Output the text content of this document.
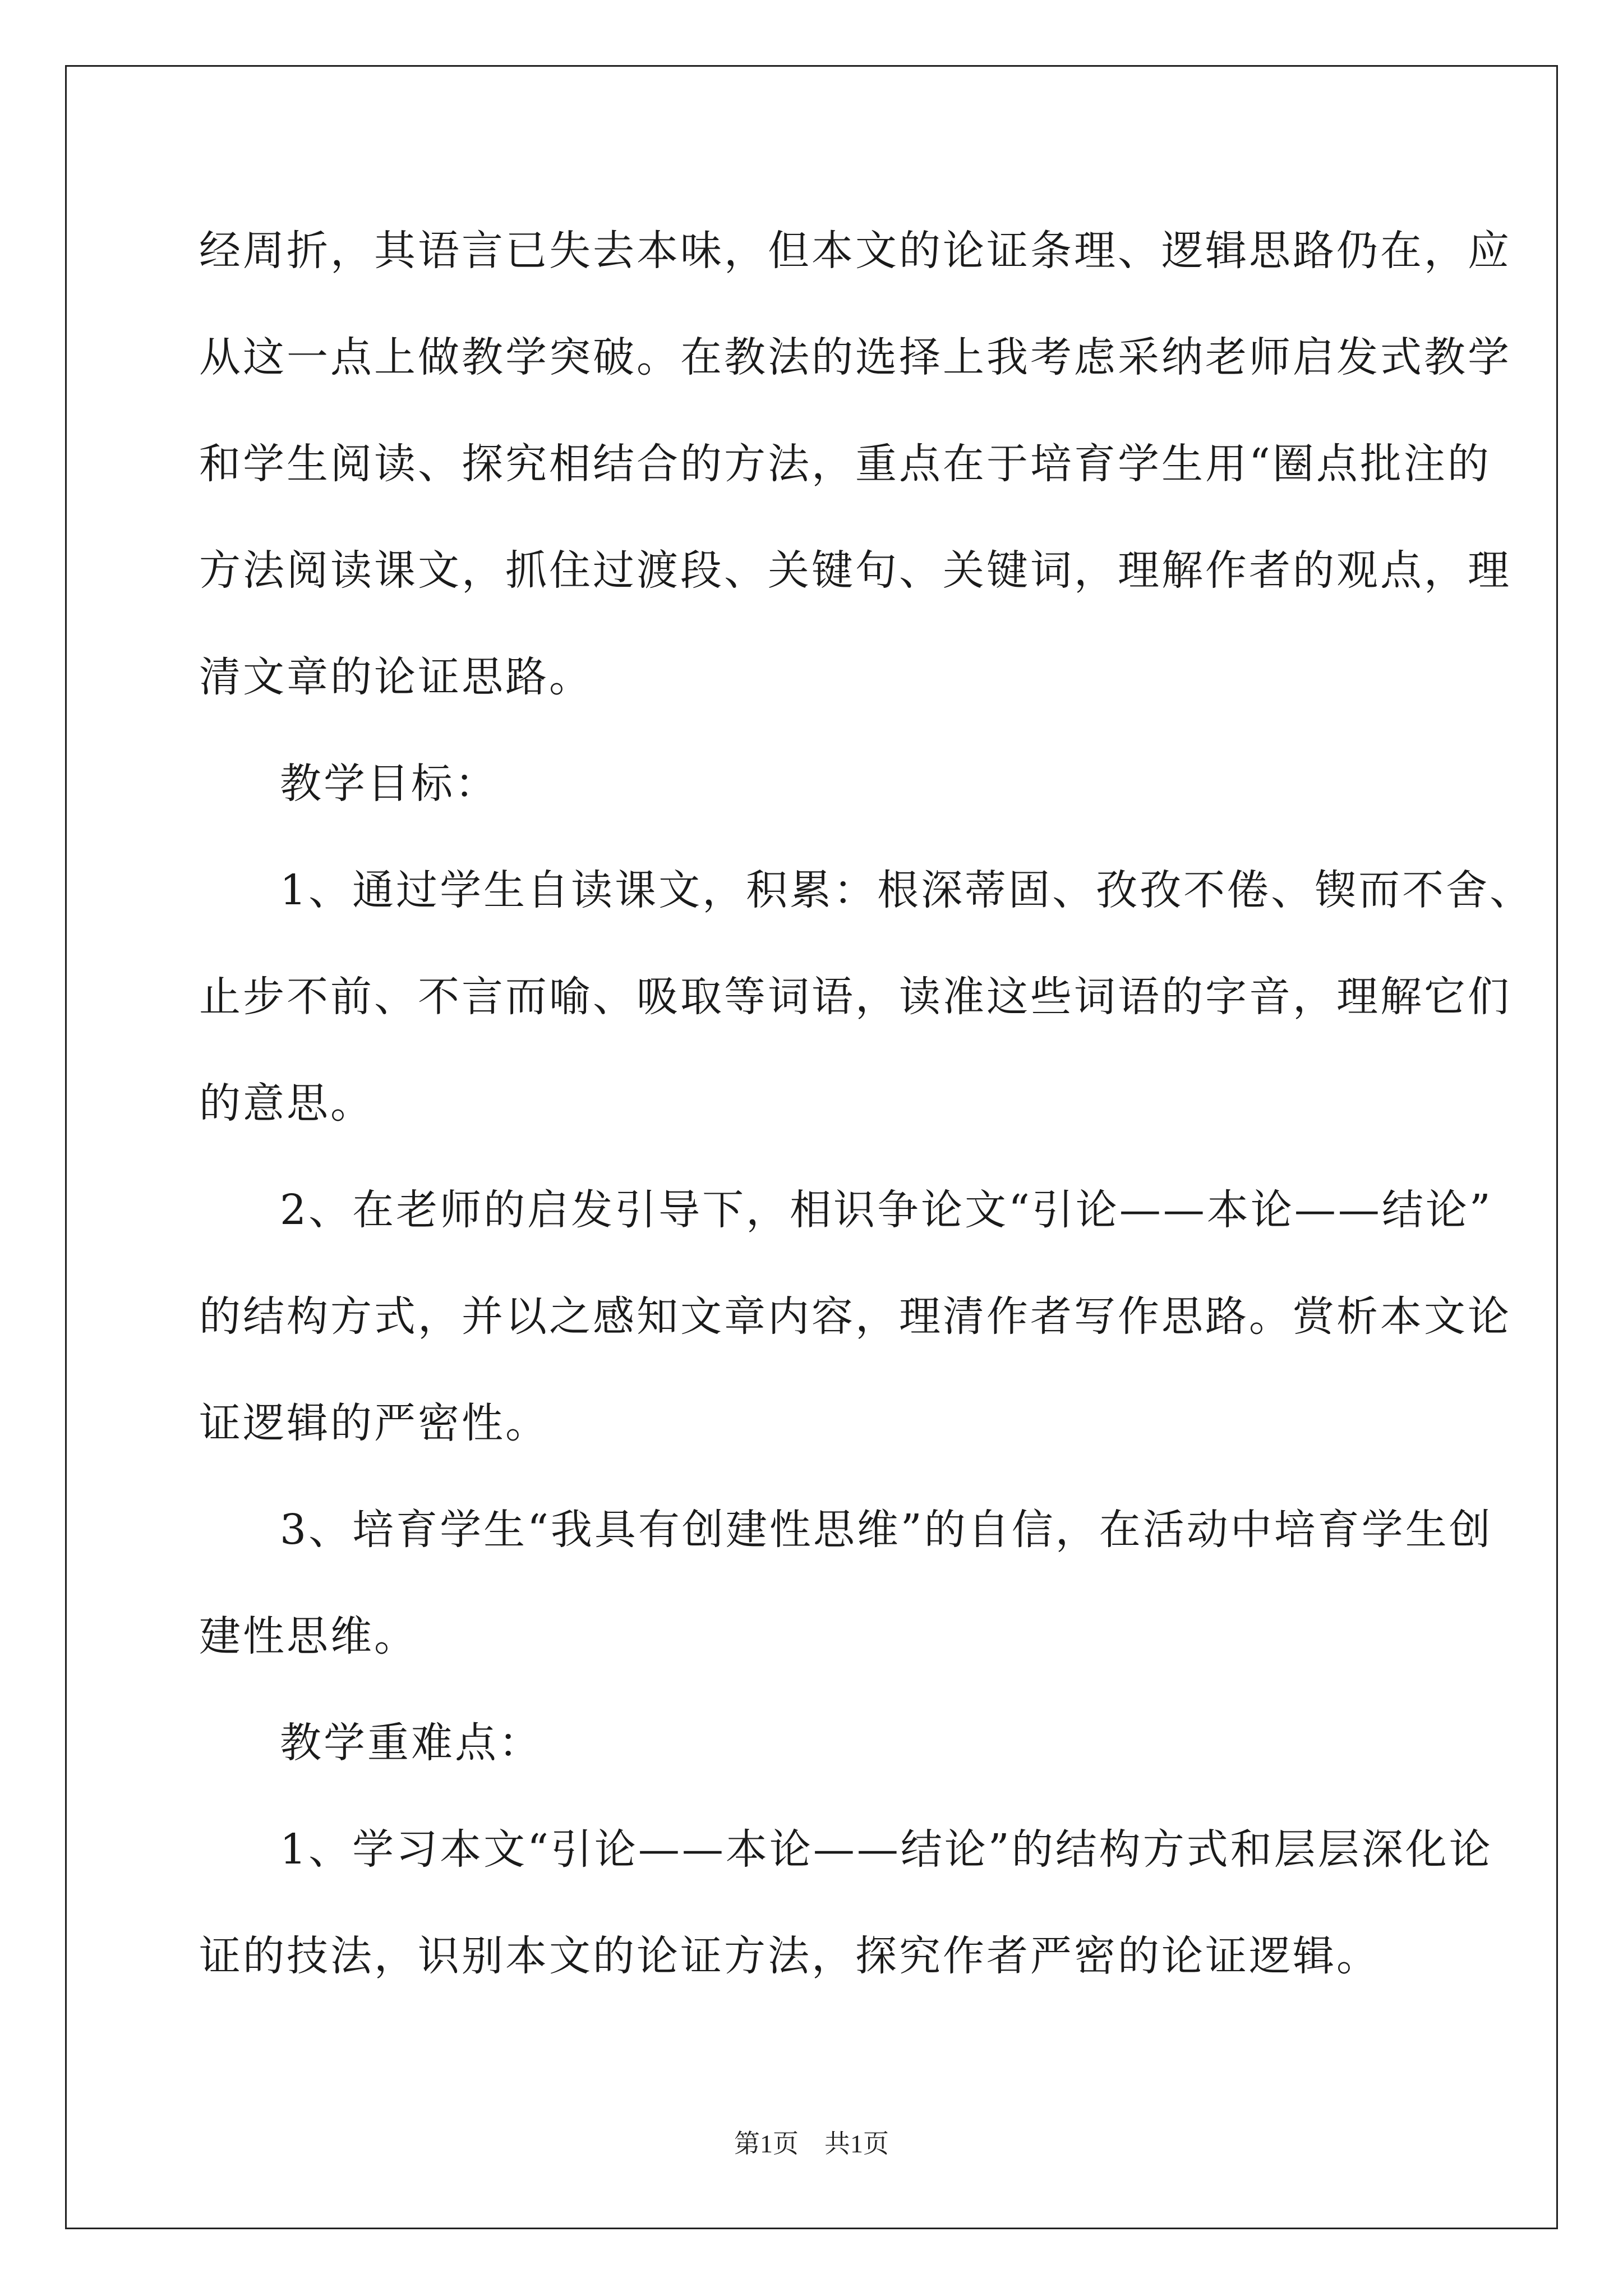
经周折，其语言已失去本味，但本文的论证条理、逻辑思路仍在，应
从这一点上做教学突破。在教法的选择上我考虑采纳老师启发式教学
和学生阅读、探究相结合的方法，重点在于培育学生用“圈点批注的
方法阅读课文，抓住过渡段、关键句、关键词，理解作者的观点，理
清文章的论证思路。
教学目标：
1、通过学生自读课文，积累：根深蒂固、孜孜不倦、锲而不舍、
止步不前、不言而喻、吸取等词语，读准这些词语的字音，理解它们
的意思。
2、在老师的启发引导下，相识争论文“引论——本论——结论”
的结构方式，并以之感知文章内容，理清作者写作思路。赏析本文论
证逻辑的严密性。
3、培育学生“我具有创建性思维”的自信，在活动中培育学生创
建性思维。
教学重难点：
1、学习本文“引论——本论——结论”的结构方式和层层深化论
证的技法，识别本文的论证方法，探究作者严密的论证逻辑。
第1页　共1页
